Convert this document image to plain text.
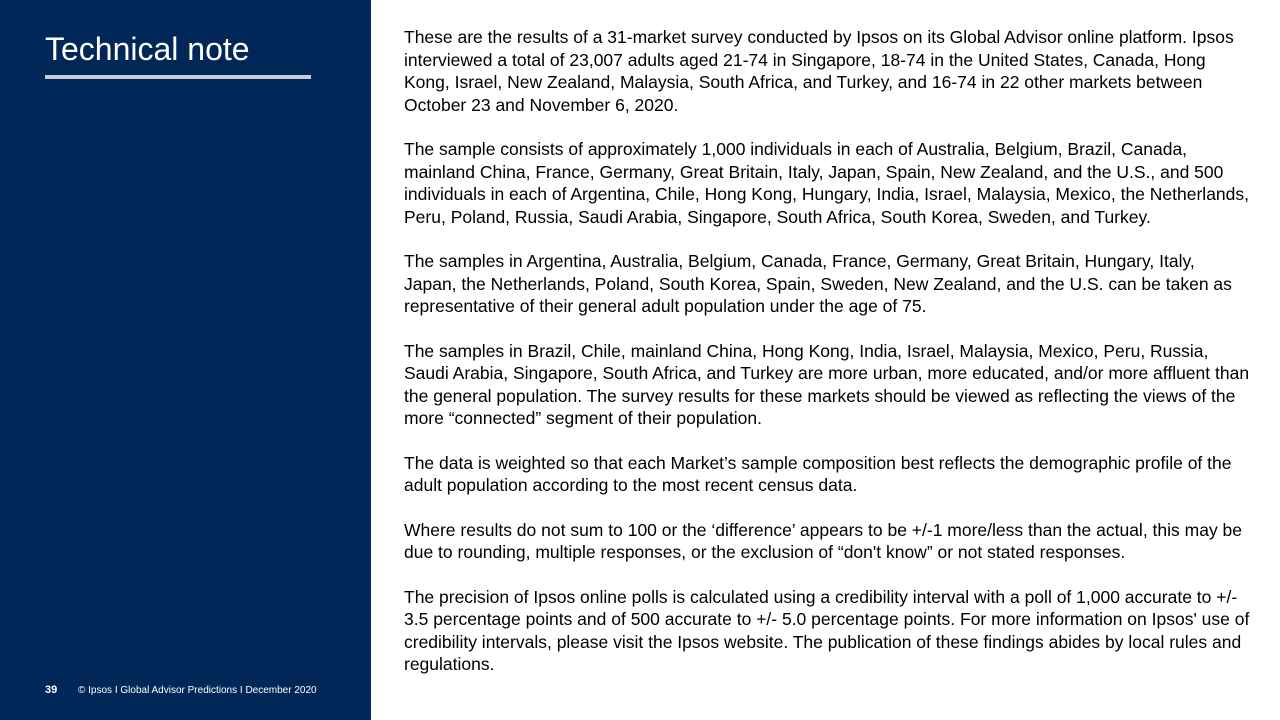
Technical note
39	© Ipsos I Global Advisor Predictions I December 2020

These are the results of a 31-market survey conducted by Ipsos on its Global Advisor online platform. Ipsos interviewed a total of 23,007 adults aged 21-74 in Singapore, 18-74 in the United States, Canada, Hong Kong, Israel, New Zealand, Malaysia, South Africa, and Turkey, and 16-74 in 22 other markets between October 23 and November 6, 2020.

The sample consists of approximately 1,000 individuals in each of Australia, Belgium, Brazil, Canada, mainland China, France, Germany, Great Britain, Italy, Japan, Spain, New Zealand, and the U.S., and 500 individuals in each of Argentina, Chile, Hong Kong, Hungary, India, Israel, Malaysia, Mexico, the Netherlands, Peru, Poland, Russia, Saudi Arabia, Singapore, South Africa, South Korea, Sweden, and Turkey.

The samples in Argentina, Australia, Belgium, Canada, France, Germany, Great Britain, Hungary, Italy, Japan, the Netherlands, Poland, South Korea, Spain, Sweden, New Zealand, and the U.S. can be taken as representative of their general adult population under the age of 75.

The samples in Brazil, Chile, mainland China, Hong Kong, India, Israel, Malaysia, Mexico, Peru, Russia, Saudi Arabia, Singapore, South Africa, and Turkey are more urban, more educated, and/or more affluent than the general population. The survey results for these markets should be viewed as reflecting the views of the more “connected” segment of their population.

The data is weighted so that each Market’s sample composition best reflects the demographic profile of the adult population according to the most recent census data.

Where results do not sum to 100 or the ‘difference’ appears to be +/-1 more/less than the actual, this may be due to rounding, multiple responses, or the exclusion of “don't know” or not stated responses.

The precision of Ipsos online polls is calculated using a credibility interval with a poll of 1,000 accurate to +/- 3.5 percentage points and of 500 accurate to +/- 5.0 percentage points. For more information on Ipsos' use of credibility intervals, please visit the Ipsos website. The publication of these findings abides by local rules and regulations.
